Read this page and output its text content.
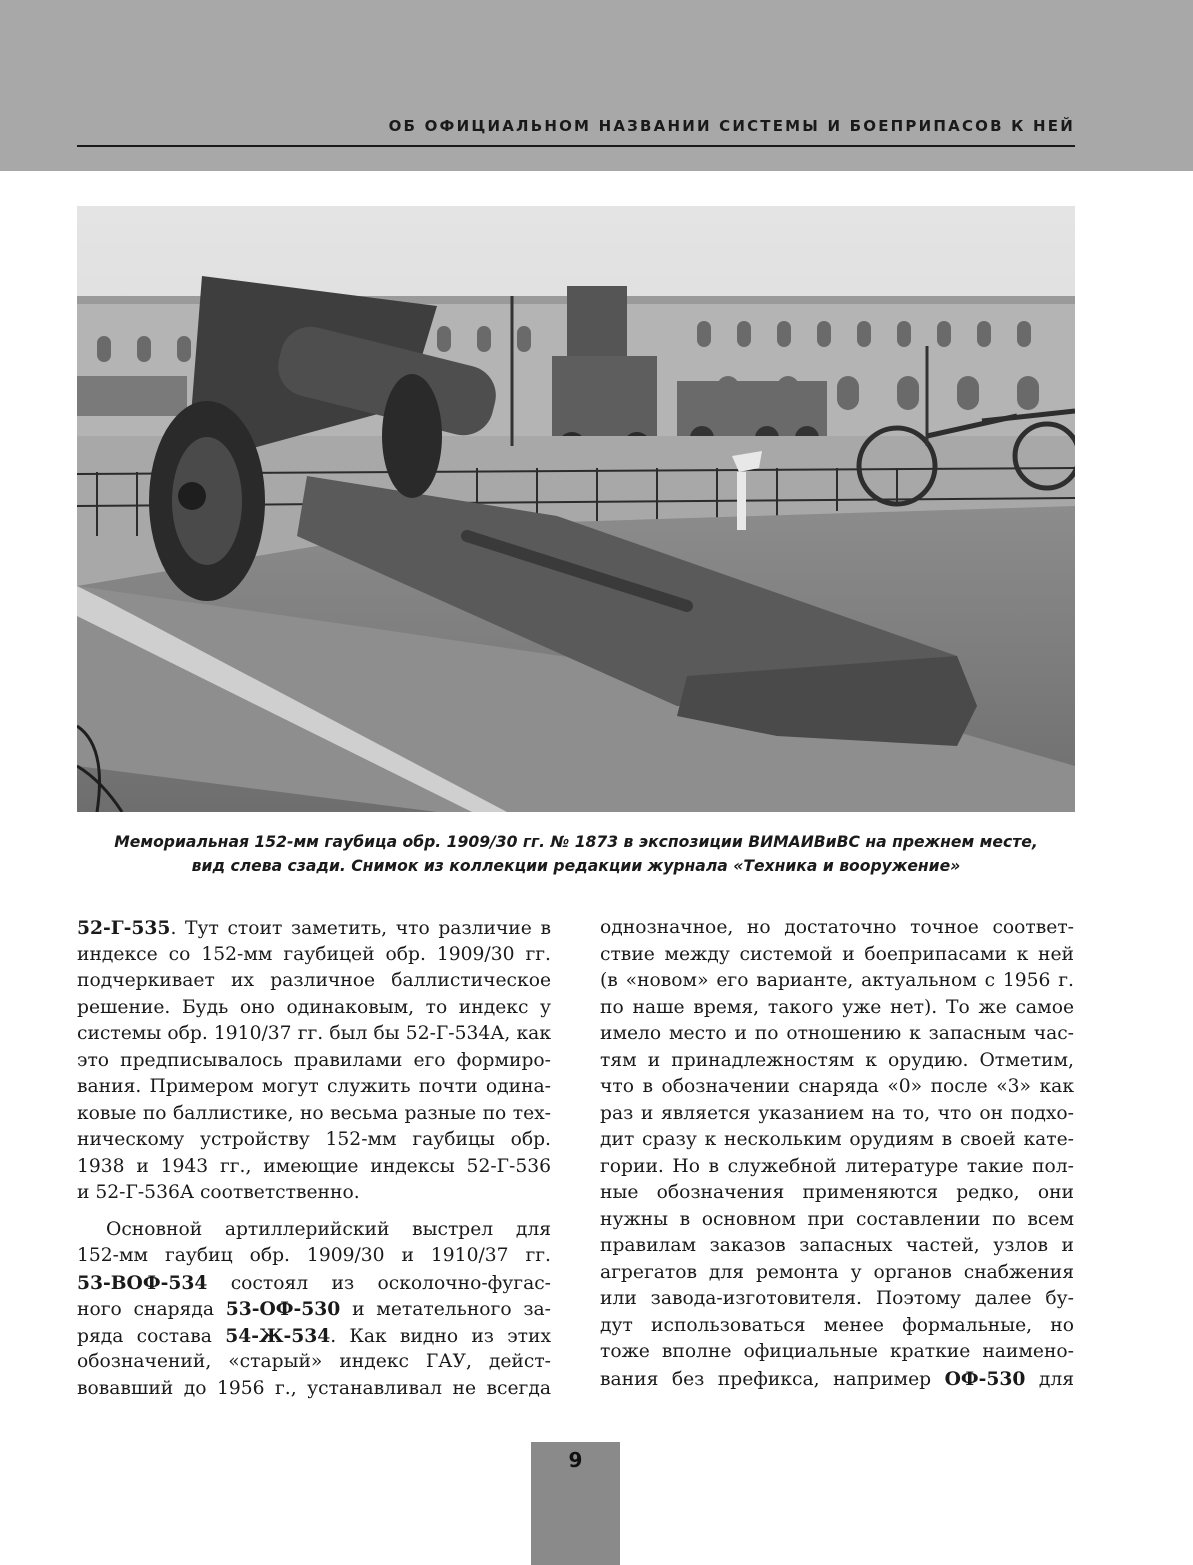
ОБ ОФИЦИАЛЬНОМ НАЗВАНИИ СИСТЕМЫ И БОЕПРИПАСОВ К НЕЙ
Мемориальная 152-мм гаубица обр. 1909/30 гг. № 1873 в экспозиции ВИМАИВиВС на прежнем месте,
вид слева сзади. Снимок из коллекции редакции журнала «Техника и вооружение»
52-Г-535. Тут стоит заметить, что различие в
индексе со 152-мм гаубицей обр. 1909/30 гг.
подчеркивает их различное баллистическое
решение. Будь оно одинаковым, то индекс у
системы обр. 1910/37 гг. был бы 52-Г-534А, как
это предписывалось правилами его формиро-
вания. Примером могут служить почти одина-
ковые по баллистике, но весьма разные по тех-
ническому устройству 152-мм гаубицы обр.
1938 и 1943 гг., имеющие индексы 52-Г-536
и 52-Г-536А соответственно.
Основной артиллерийский выстрел для
152-мм гаубиц обр. 1909/30 и 1910/37 гг.
53-ВОФ-534 состоял из осколочно-фугас-
ного снаряда 53-ОФ-530 и метательного за-
ряда состава 54-Ж-534. Как видно из этих
обозначений, «старый» индекс ГАУ, дейст-
вовавший до 1956 г., устанавливал не всегда
однозначное, но достаточно точное соответ-
ствие между системой и боеприпасами к ней
(в «новом» его варианте, актуальном с 1956 г.
по наше время, такого уже нет). То же самое
имело место и по отношению к запасным час-
тям и принадлежностям к орудию. Отметим,
что в обозначении снаряда «0» после «3» как
раз и является указанием на то, что он подхо-
дит сразу к нескольким орудиям в своей кате-
гории. Но в служебной литературе такие пол-
ные обозначения применяются редко, они
нужны в основном при составлении по всем
правилам заказов запасных частей, узлов и
агрегатов для ремонта у органов снабжения
или завода-изготовителя. Поэтому далее бу-
дут использоваться менее формальные, но
тоже вполне официальные краткие наимено-
вания без префикса, например ОФ-530 для
9
